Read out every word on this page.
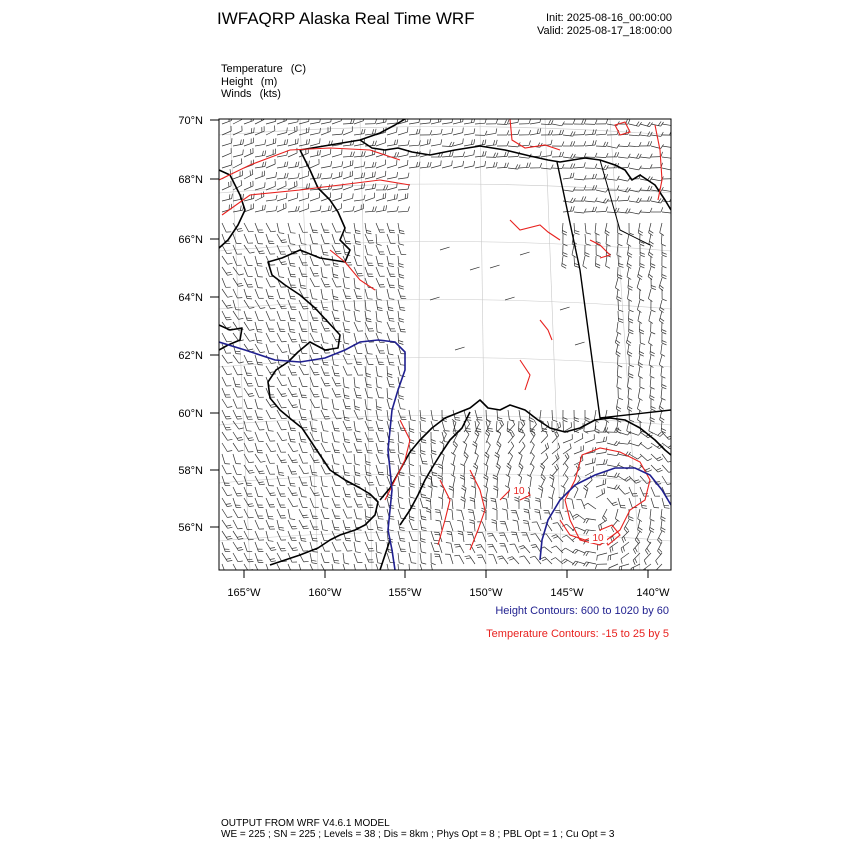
IWFAQRP Alaska Real Time WRF	Init: 2025-08-16_00:00:00
Valid: 2025-08-17_18:00:00
Temperature (C)
Height (m)
Winds (kts)
10
10
70°N
68°N
66°N
64°N
62°N
60°N
58°N
56°N
165°W	160°W	155°W	150°W	145°W	140°W
Height Contours: 600 to 1020 by 60
Temperature Contours: -15 to 25 by 5
OUTPUT FROM WRF V4.6.1 MODEL
WE = 225 ; SN = 225 ; Levels = 38 ; Dis = 8km ; Phys Opt = 8 ; PBL Opt = 1 ; Cu Opt = 3
